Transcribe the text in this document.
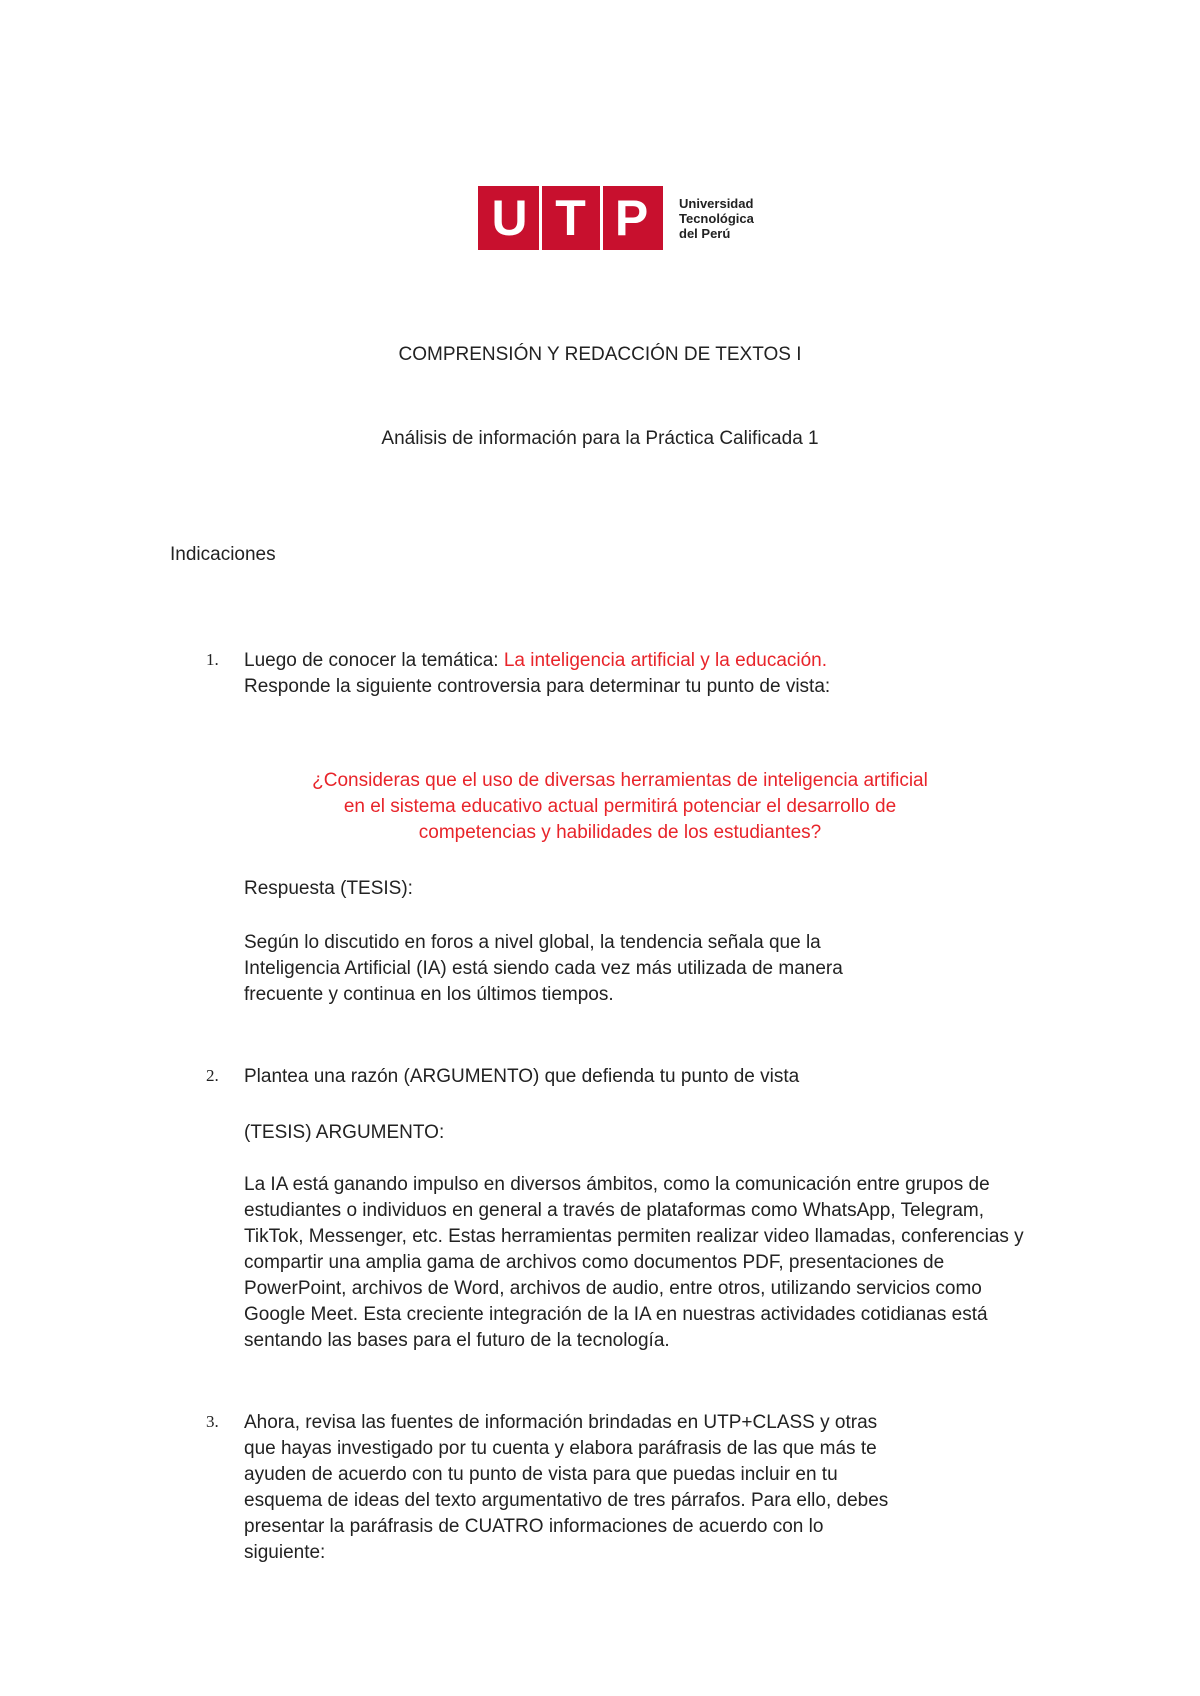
U T P	Universidad
Tecnológica
del Perú
COMPRENSIÓN Y REDACCIÓN DE TEXTOS I
Análisis de información para la Práctica Calificada 1
Indicaciones
1. Luego de conocer la temática: La inteligencia artificial y la educación.
Responde la siguiente controversia para determinar tu punto de vista:
¿Consideras que el uso de diversas herramientas de inteligencia artificial
en el sistema educativo actual permitirá potenciar el desarrollo de
competencias y habilidades de los estudiantes?
Respuesta (TESIS):
Según lo discutido en foros a nivel global, la tendencia señala que la
Inteligencia Artificial (IA) está siendo cada vez más utilizada de manera
frecuente y continua en los últimos tiempos.
2. Plantea una razón (ARGUMENTO) que defienda tu punto de vista
(TESIS) ARGUMENTO:
La IA está ganando impulso en diversos ámbitos, como la comunicación entre grupos de
estudiantes o individuos en general a través de plataformas como WhatsApp, Telegram,
TikTok, Messenger, etc. Estas herramientas permiten realizar video llamadas, conferencias y
compartir una amplia gama de archivos como documentos PDF, presentaciones de
PowerPoint, archivos de Word, archivos de audio, entre otros, utilizando servicios como
Google Meet. Esta creciente integración de la IA en nuestras actividades cotidianas está
sentando las bases para el futuro de la tecnología.
3. Ahora, revisa las fuentes de información brindadas en UTP+CLASS y otras
que hayas investigado por tu cuenta y elabora paráfrasis de las que más te
ayuden de acuerdo con tu punto de vista para que puedas incluir en tu
esquema de ideas del texto argumentativo de tres párrafos. Para ello, debes
presentar la paráfrasis de CUATRO informaciones de acuerdo con lo
siguiente:
